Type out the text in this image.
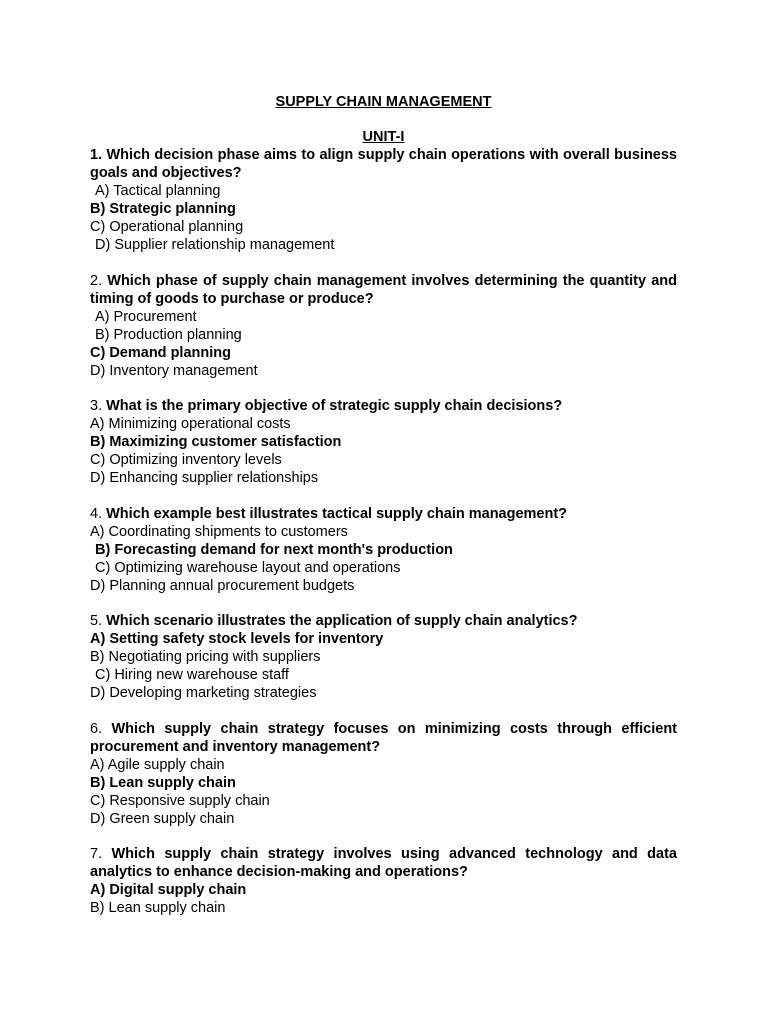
SUPPLY CHAIN MANAGEMENT

UNIT-I

1. Which decision phase aims to align supply chain operations with overall business goals and objectives?

A) Tactical planning

B) Strategic planning

C) Operational planning

D) Supplier relationship management

2. Which phase of supply chain management involves determining the quantity and timing of goods to purchase or produce?

A) Procurement

B) Production planning

C) Demand planning

D) Inventory management

3. What is the primary objective of strategic supply chain decisions?

A) Minimizing operational costs

B) Maximizing customer satisfaction

C) Optimizing inventory levels

D) Enhancing supplier relationships

4. Which example best illustrates tactical supply chain management?

A) Coordinating shipments to customers

B) Forecasting demand for next month's production

C) Optimizing warehouse layout and operations

D) Planning annual procurement budgets

5. Which scenario illustrates the application of supply chain analytics?

A) Setting safety stock levels for inventory

B) Negotiating pricing with suppliers

C) Hiring new warehouse staff

D) Developing marketing strategies

6. Which supply chain strategy focuses on minimizing costs through efficient procurement and inventory management?

A) Agile supply chain

B) Lean supply chain

C) Responsive supply chain

D) Green supply chain

7. Which supply chain strategy involves using advanced technology and data analytics to enhance decision-making and operations?

A) Digital supply chain

B) Lean supply chain
